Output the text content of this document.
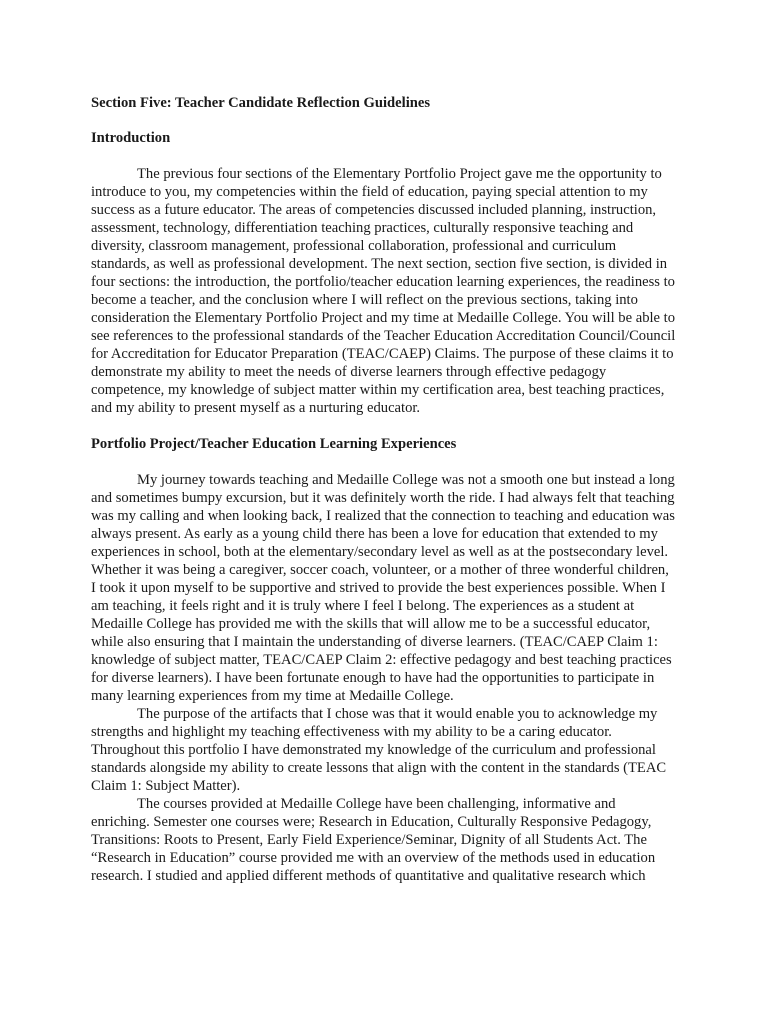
Section Five: Teacher Candidate Reflection Guidelines
Introduction

The previous four sections of the Elementary Portfolio Project gave me the opportunity to introduce to you, my competencies within the field of education, paying special attention to my success as a future educator. The areas of competencies discussed included planning, instruction, assessment, technology, differentiation teaching practices, culturally responsive teaching and diversity, classroom management, professional collaboration, professional and curriculum standards, as well as professional development. The next section, section five section, is divided in four sections: the introduction, the portfolio/teacher education learning experiences, the readiness to become a teacher, and the conclusion where I will reflect on the previous sections, taking into consideration the Elementary Portfolio Project and my time at Medaille College. You will be able to see references to the professional standards of the Teacher Education Accreditation Council/Council for Accreditation for Educator Preparation (TEAC/CAEP) Claims. The purpose of these claims it to demonstrate my ability to meet the needs of diverse learners through effective pedagogy competence, my knowledge of subject matter within my certification area, best teaching practices, and my ability to present myself as a nurturing educator.

Portfolio Project/Teacher Education Learning Experiences

My journey towards teaching and Medaille College was not a smooth one but instead a long and sometimes bumpy excursion, but it was definitely worth the ride. I had always felt that teaching was my calling and when looking back, I realized that the connection to teaching and education was always present. As early as a young child there has been a love for education that extended to my experiences in school, both at the elementary/secondary level as well as at the postsecondary level. Whether it was being a caregiver, soccer coach, volunteer, or a mother of three wonderful children, I took it upon myself to be supportive and strived to provide the best experiences possible. When I am teaching, it feels right and it is truly where I feel I belong. The experiences as a student at Medaille College has provided me with the skills that will allow me to be a successful educator, while also ensuring that I maintain the understanding of diverse learners. (TEAC/CAEP Claim 1: knowledge of subject matter, TEAC/CAEP Claim 2: effective pedagogy and best teaching practices for diverse learners). I have been fortunate enough to have had the opportunities to participate in many learning experiences from my time at Medaille College.

The purpose of the artifacts that I chose was that it would enable you to acknowledge my strengths and highlight my teaching effectiveness with my ability to be a caring educator. Throughout this portfolio I have demonstrated my knowledge of the curriculum and professional standards alongside my ability to create lessons that align with the content in the standards (TEAC Claim 1: Subject Matter).

The courses provided at Medaille College have been challenging, informative and enriching. Semester one courses were; Research in Education, Culturally Responsive Pedagogy, Transitions: Roots to Present, Early Field Experience/Seminar, Dignity of all Students Act. The “Research in Education” course provided me with an overview of the methods used in education research. I studied and applied different methods of quantitative and qualitative research which
